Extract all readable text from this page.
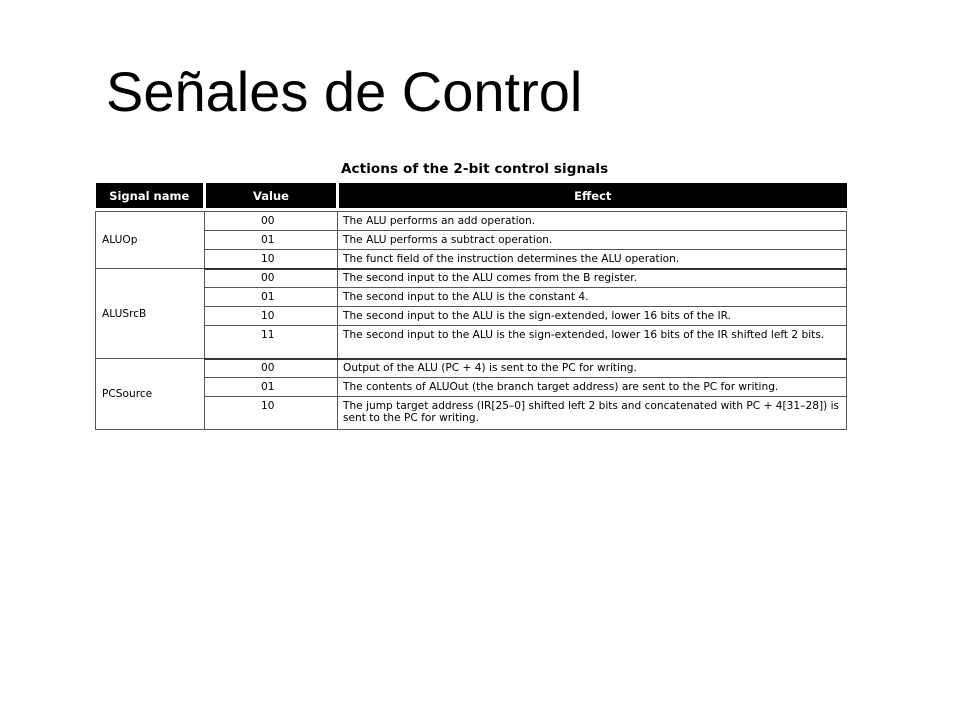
Señales de Control
Actions of the 2-bit control signals
Signal name	Value	Effect

ALUOp	00	The ALU performs an add operation.
	01	The ALU performs a subtract operation.
	10	The funct field of the instruction determines the ALU operation.
ALUSrcB	00	The second input to the ALU comes from the B register.
	01	The second input to the ALU is the constant 4.
	10	The second input to the ALU is the sign-extended, lower 16 bits of the IR.
	11	The second input to the ALU is the sign-extended, lower 16 bits of the IR shifted left 2 bits.
PCSource	00	Output of the ALU (PC + 4) is sent to the PC for writing.
	01	The contents of ALUOut (the branch target address) are sent to the PC for writing.
	10	The jump target address (IR[25–0] shifted left 2 bits and concatenated with PC + 4[31–28]) is sent to the PC for writing.
